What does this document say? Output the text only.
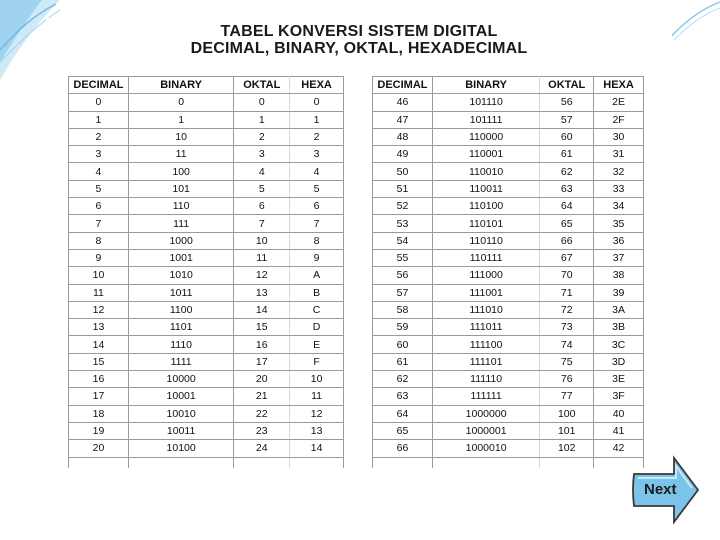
TABEL KONVERSI SISTEM DIGITAL
DECIMAL, BINARY, OKTAL, HEXADECIMAL
DECIMAL	BINARY	OKTAL	HEXA
0	0	0	0
1	1	1	1
2	10	2	2
3	11	3	3
4	100	4	4
5	101	5	5
6	110	6	6
7	111	7	7
8	1000	10	8
9	1001	11	9
10	1010	12	A
11	1011	13	B
12	1100	14	C
13	1101	15	D
14	1110	16	E
15	1111	17	F
16	10000	20	10
17	10001	21	11
18	10010	22	12
19	10011	23	13
20	10100	24	14

DECIMAL	BINARY	OKTAL	HEXA
46	101110	56	2E
47	101111	57	2F
48	110000	60	30
49	110001	61	31
50	110010	62	32
51	110011	63	33
52	110100	64	34
53	110101	65	35
54	110110	66	36
55	110111	67	37
56	111000	70	38
57	111001	71	39
58	111010	72	3A
59	111011	73	3B
60	111100	74	3C
61	111101	75	3D
62	111110	76	3E
63	111111	77	3F
64	1000000	100	40
65	1000001	101	41
66	1000010	102	42

Next
